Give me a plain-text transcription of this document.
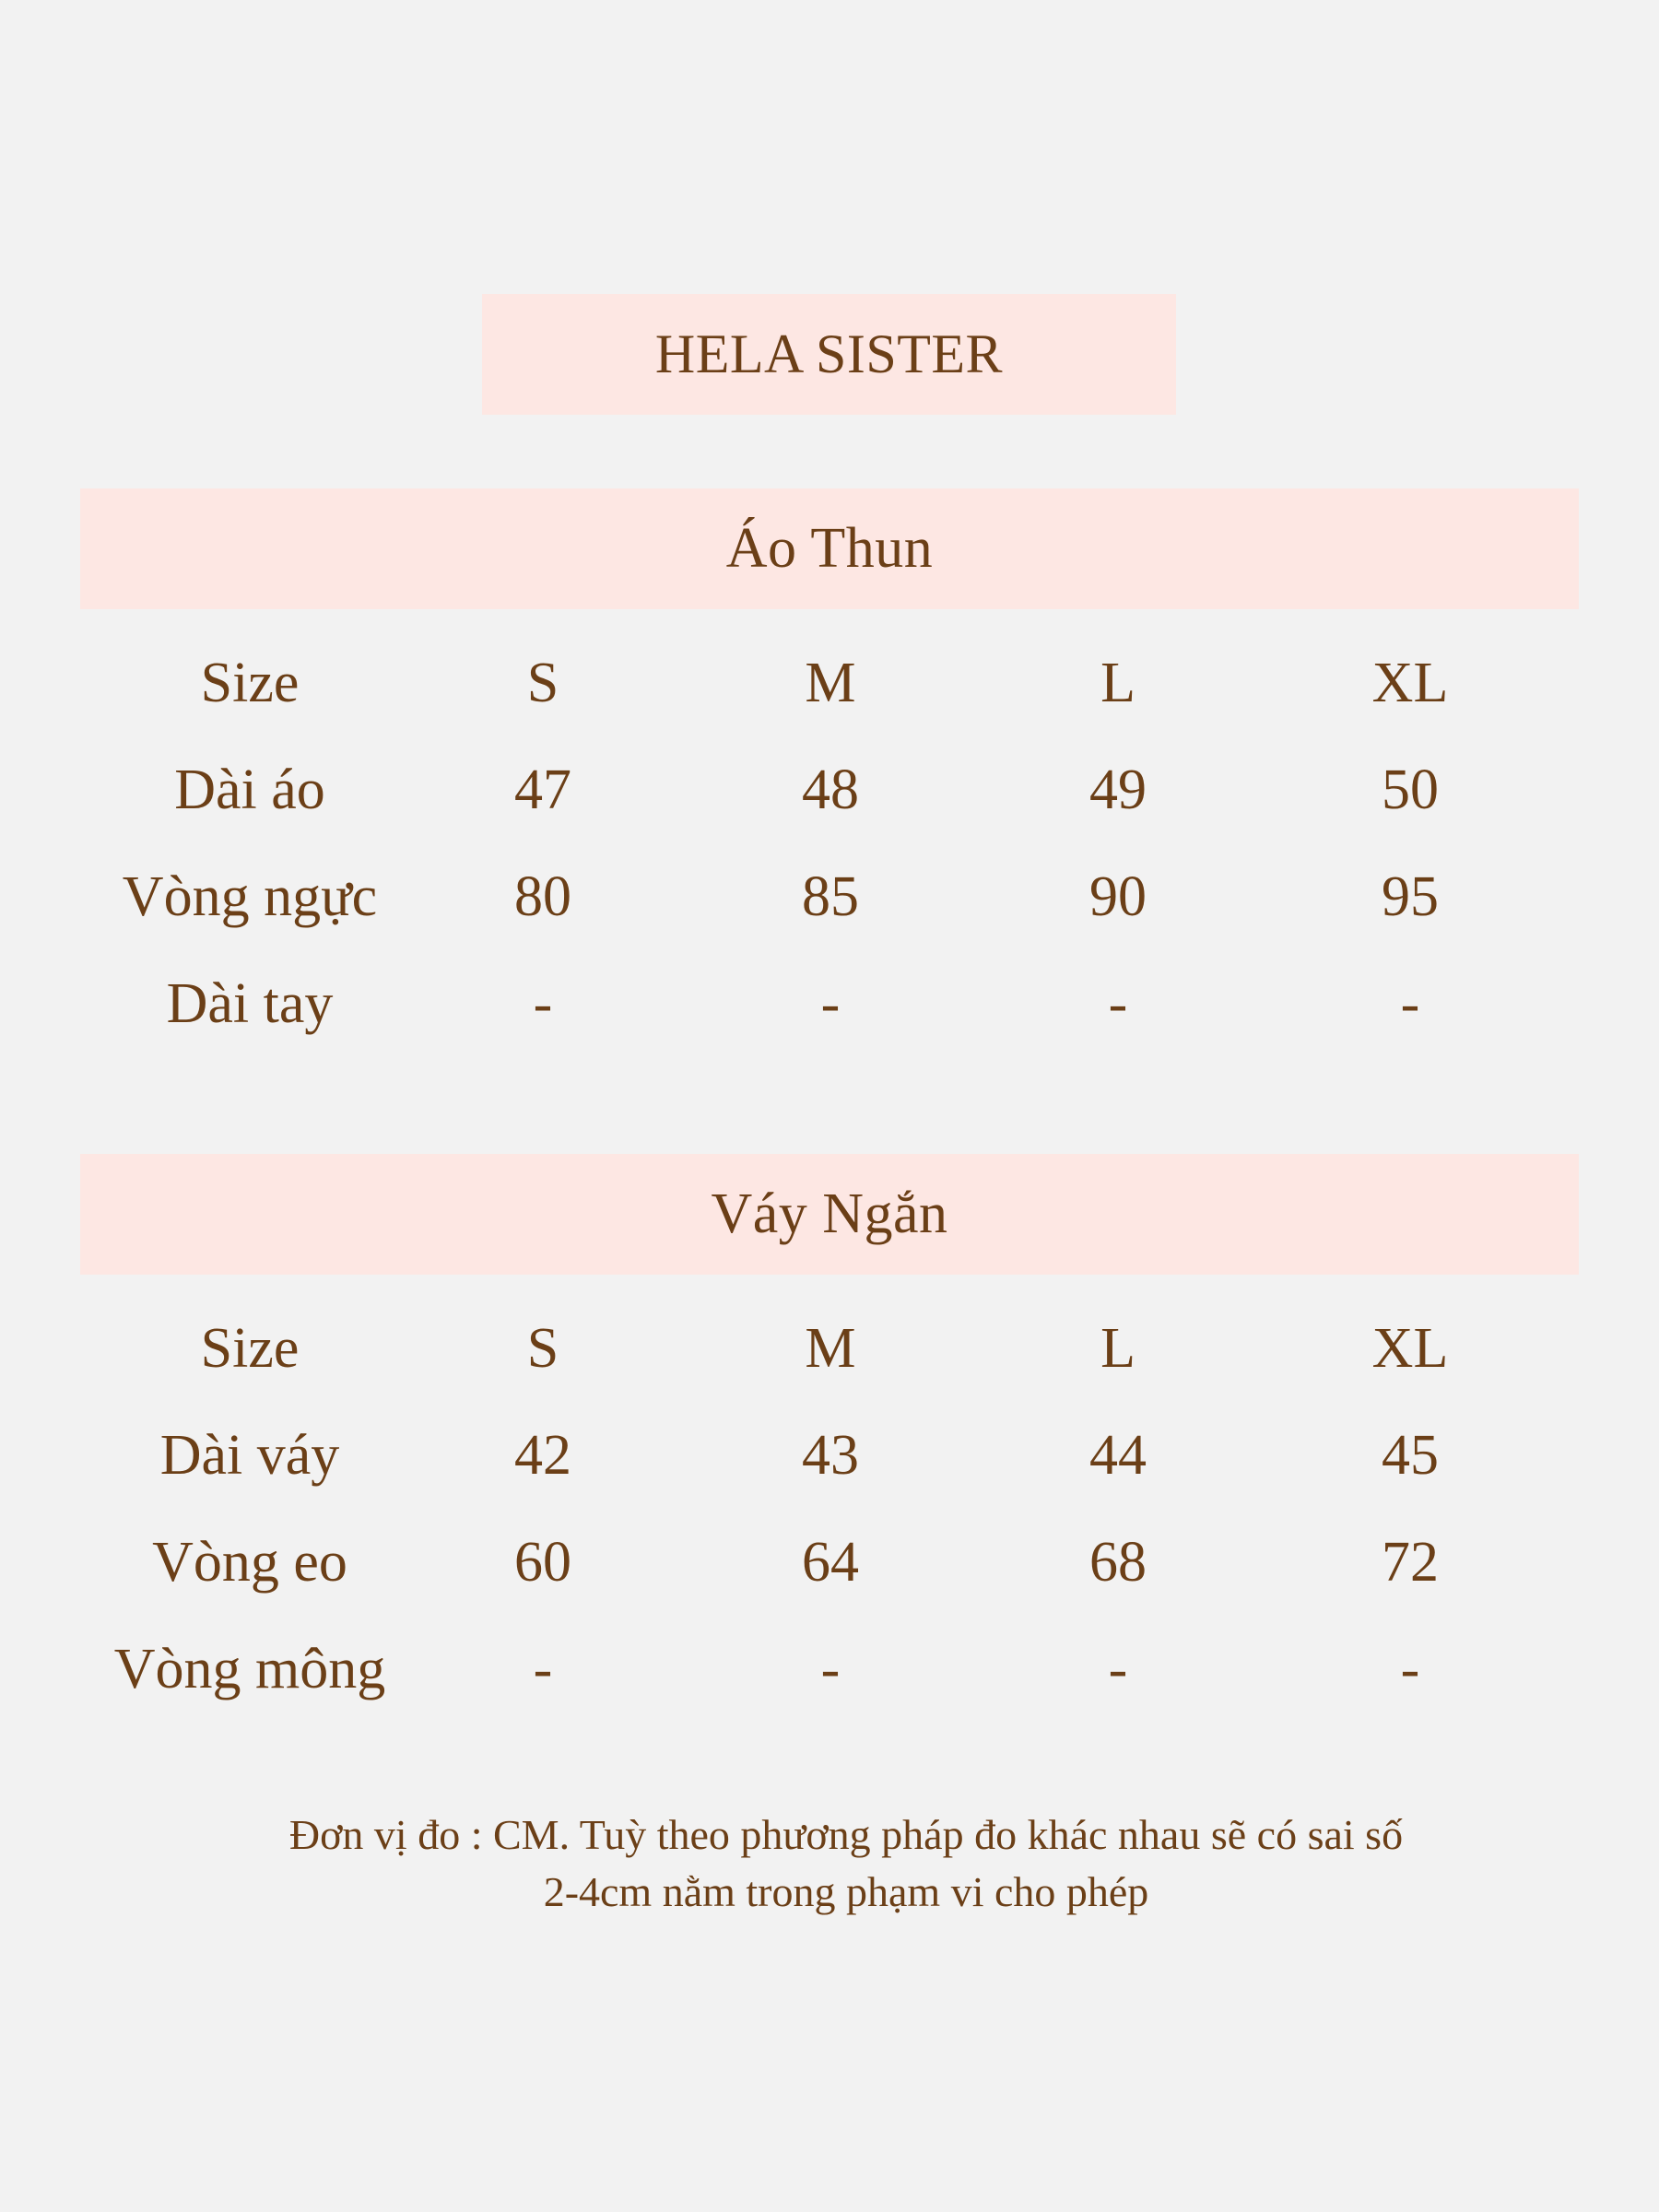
HELA SISTER
Áo Thun
Size	S	M	L	XL
Dài áo	47	48	49	50
Vòng ngực	80	85	90	95
Dài tay	-	-	-	-
Váy Ngắn
Size	S	M	L	XL
Dài váy	42	43	44	45
Vòng eo	60	64	68	72
Vòng mông	-	-	-	-
Đơn vị đo : CM. Tuỳ theo phương pháp đo khác nhau sẽ có sai số
2-4cm nằm trong phạm vi cho phép
